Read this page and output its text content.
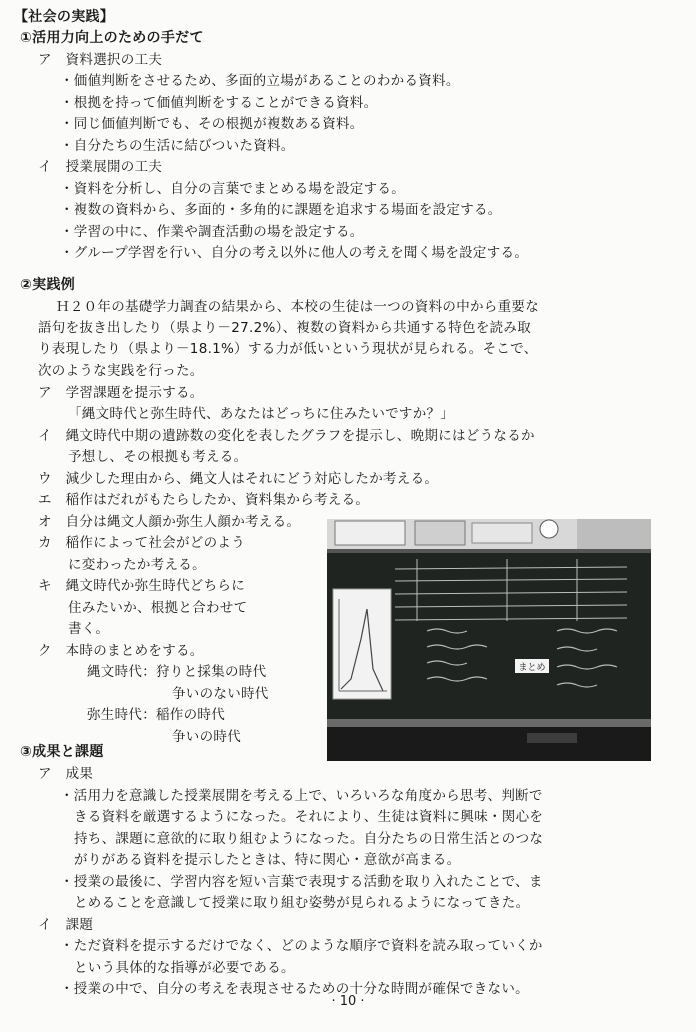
【社会の実践】
①活用力向上のための手だて
ア　資料選択の工夫
・価値判断をさせるため、多面的立場があることのわかる資料。
・根拠を持って価値判断をすることができる資料。
・同じ価値判断でも、その根拠が複数ある資料。
・自分たちの生活に結びついた資料。
イ　授業展開の工夫
・資料を分析し、自分の言葉でまとめる場を設定する。
・複数の資料から、多面的・多角的に課題を追求する場面を設定する。
・学習の中に、作業や調査活動の場を設定する。
・グループ学習を行い、自分の考え以外に他人の考えを聞く場を設定する。
②実践例
Ｈ２０年の基礎学力調査の結果から、本校の生徒は一つの資料の中から重要な
語句を抜き出したり（県より－27.2%）、複数の資料から共通する特色を読み取
り表現したり（県より－18.1%）する力が低いという現状が見られる。そこで、
次のような実践を行った。
ア　学習課題を提示する。
「縄文時代と弥生時代、あなたはどっちに住みたいですか？」
イ　縄文時代中期の遺跡数の変化を表したグラフを提示し、晩期にはどうなるか
予想し、その根拠も考える。
ウ　減少した理由から、縄文人はそれにどう対応したか考える。
エ　稲作はだれがもたらしたか、資料集から考える。
オ　自分は縄文人顔か弥生人顔か考える。
カ　稲作によって社会がどのよう
に変わったか考える。
キ　縄文時代か弥生時代どちらに
住みたいか、根拠と合わせて
書く。
ク　本時のまとめをする。
縄文時代：狩りと採集の時代
争いのない時代
弥生時代：稲作の時代
争いの時代
まとめ
③成果と課題
ア　成果
・活用力を意識した授業展開を考える上で、いろいろな角度から思考、判断で
きる資料を厳選するようになった。それにより、生徒は資料に興味・関心を
持ち、課題に意欲的に取り組むようになった。自分たちの日常生活とのつな
がりがある資料を提示したときは、特に関心・意欲が高まる。
・授業の最後に、学習内容を短い言葉で表現する活動を取り入れたことで、ま
とめることを意識して授業に取り組む姿勢が見られるようになってきた。
イ　課題
・ただ資料を提示するだけでなく、どのような順序で資料を読み取っていくか
という具体的な指導が必要である。
・授業の中で、自分の考えを表現させるための十分な時間が確保できない。
· 10 ·
